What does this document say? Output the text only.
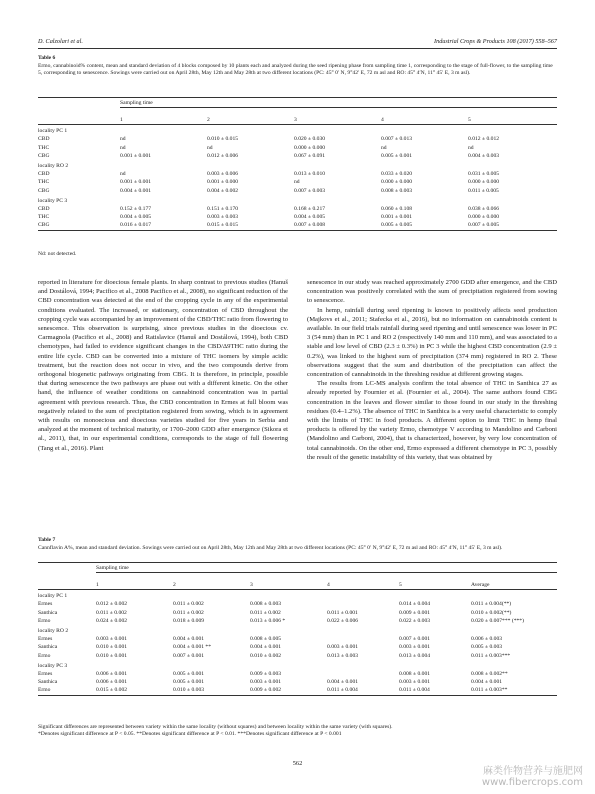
D. Calzolari et al.	Industrial Crops & Products 108 (2017) 558–567
Table 6
Ermo, cannabinoid% content, mean and standard deviation of 4 blocks composed by 10 plants each and analyzed during the seed ripening phase from sampling time 1, corresponding to the stage of full-flower, to the sampling time 5, corresponding to senescence. Sowings were carried out on April 28th, May 12th and May 28th at two different locations (PC: 45° 0′ N, 9°42′ E, 72 m asl and RO: 45° 4′N, 11° 45′ E, 3 m asl).
	Sampling time				

	1	2	3	4	5

locality PC 1					
CBD	nd	0.010 ± 0.015	0.020 ± 0.030	0.007 ± 0.013	0.012 ± 0.012
THC	nd	nd	0.000 ± 0.000	nd	nd
CBG	0.001 ± 0.001	0.012 ± 0.006	0.067 ± 0.091	0.005 ± 0.001	0.004 ± 0.003
locality RO 2					
CBD	nd	0.003 ± 0.006	0.013 ± 0.010	0.033 ± 0.020	0.031 ± 0.005
THC	0.001 ± 0.001	0.001 ± 0.000	nd	0.000 ± 0.000	0.000 ± 0.000
CBG	0.004 ± 0.001	0.004 ± 0.002	0.007 ± 0.003	0.008 ± 0.003	0.011 ± 0.005
locality PC 3					
CBD	0.152 ± 0.177	0.151 ± 0.170	0.168 ± 0.217	0.060 ± 0.108	0.038 ± 0.066
THC	0.004 ± 0.005	0.003 ± 0.003	0.004 ± 0.005	0.001 ± 0.001	0.000 ± 0.000
CBG	0.016 ± 0.017	0.015 ± 0.015	0.007 ± 0.008	0.005 ± 0.005	0.007 ± 0.005

Nd: not detected.

reported in literature for dioecious female plants. In sharp contrast to previous studies (Hanuš and Dostálová, 1994; Pacifico et al., 2008 Pacifico et al., 2008), no significant reduction of the CBD concentration was detected at the end of the cropping cycle in any of the experimental conditions evaluated. The increased, or stationary, concentration of CBD throughout the cropping cycle was accompanied by an improvement of the CBD/THC ratio from flowering to senescence. This observation is surprising, since previous studies in the dioecious cv. Carmagnola (Pacifico et al., 2008) and Ratislavice (Hanuš and Dostálová, 1994), both CBD chemotypes, had failed to evidence significant changes in the CBD/Δ9THC ratio during the entire life cycle. CBD can be converted into a mixture of THC isomers by simple acidic treatment, but the reaction does not occur in vivo, and the two compounds derive from orthogonal biogenetic pathways originating from CBG. It is therefore, in principle, possible that during senescence the two pathways are phase out with a different kinetic. On the other hand, the influence of weather conditions on cannabinoid concentration was in partial agreement with previous research. Thus, the CBD concentration in Ermes at full bloom was negatively related to the sum of precipitation registered from sowing, which is in agreement with results on monoecious and dioecious varieties studied for five years in Serbia and analyzed at the moment of technical maturity, or 1700–2000 GDD after emergence (Sikora et al., 2011), that, in our experimental conditions, corresponds to the stage of full flowering (Tang et al., 2016). Plant

senescence in our study was reached approximately 2700 GDD after emergence, and the CBD concentration was positively correlated with the sum of precipitation registered from sowing to senescence.

In hemp, rainfall during seed ripening is known to positively affects seed production (Majkovs et al., 2011; Stafecka et al., 2016), but no information on cannabinoids content is available. In our field trials rainfall during seed ripening and until senescence was lower in PC 3 (54 mm) than in PC 1 and RO 2 (respectively 140 mm and 110 mm), and was associated to a stable and low level of CBD (2.3 ± 0.3%) in PC 3 while the highest CBD concentration (2.9 ± 0.2%), was linked to the highest sum of precipitation (374 mm) registered in RO 2. These observations suggest that the sum and distribution of the precipitation can affect the concentration of cannabinoids in the threshing residue at different growing stages.

The results from LC-MS analysis confirm the total absence of THC in Santhica 27 as already reported by Fournier et al. (Fournier et al., 2004). The same authors found CBG concentration in the leaves and flower similar to those found in our study in the threshing residues (0.4–1.2%). The absence of THC in Santhica is a very useful characteristic to comply with the limits of THC in food products. A different option to limit THC in hemp final products is offered by the variety Ermo, chemotype V according to Mandolino and Carboni (Mandolino and Carboni, 2004), that is characterized, however, by very low concentration of total cannabinoids. On the other end, Ermo expressed a different chemotype in PC 3, possibly the result of the genetic instability of this variety, that was obtained by

Table 7
Cannflavin A%, mean and standard deviation. Sowings were carried out on April 28th, May 12th and May 28th at two different locations (PC: 45° 0′ N, 9°42′ E, 72 m asl and RO: 45° 4′N, 11° 45′ E, 3 m asl).
	Sampling time					

	1	2	3	4	5	Average

locality PC 1						
Ermes	0.012 ± 0.002	0.011 ± 0.002	0.008 ± 0.003		0.014 ± 0.004	0.011 ± 0.004(**)
Santhica	0.011 ± 0.002	0.011 ± 0.002	0.011 ± 0.002	0.011 ± 0.001	0.009 ± 0.001	0.010 ± 0.002(**)
Ermo	0.024 ± 0.002	0.018 ± 0.009	0.013 ± 0.006 *	0.022 ± 0.006	0.022 ± 0.003	0.020 ± 0.007*** (***)
locality RO 2						
Ermes	0.003 ± 0.001	0.004 ± 0.001	0.008 ± 0.005		0.007 ± 0.001	0.006 ± 0.003
Santhica	0.010 ± 0.001	0.004 ± 0.001 **	0.004 ± 0.001	0.003 ± 0.001	0.003 ± 0.001	0.005 ± 0.003
Ermo	0.010 ± 0.001	0.007 ± 0.001	0.010 ± 0.002	0.013 ± 0.003	0.013 ± 0.004	0.011 ± 0.003***
locality PC 3						
Ermes	0.006 ± 0.001	0.005 ± 0.001	0.009 ± 0.003		0.008 ± 0.001	0.008 ± 0.002**
Santhica	0.006 ± 0.001	0.005 ± 0.001	0.003 ± 0.001	0.004 ± 0.001	0.003 ± 0.001	0.004 ± 0.001
Ermo	0.015 ± 0.002	0.010 ± 0.003	0.009 ± 0.002	0.011 ± 0.004	0.011 ± 0.004	0.011 ± 0.003**

Significant differences are represented between variety within the same locality (without squares) and between locality within the same variety (with squares).
*Denotes significant difference at P < 0.05. **Denotes significant difference at P < 0.01. ***Denotes significant difference at P < 0.001
562
麻类作物营养与施肥网
www.fibercrops.com
